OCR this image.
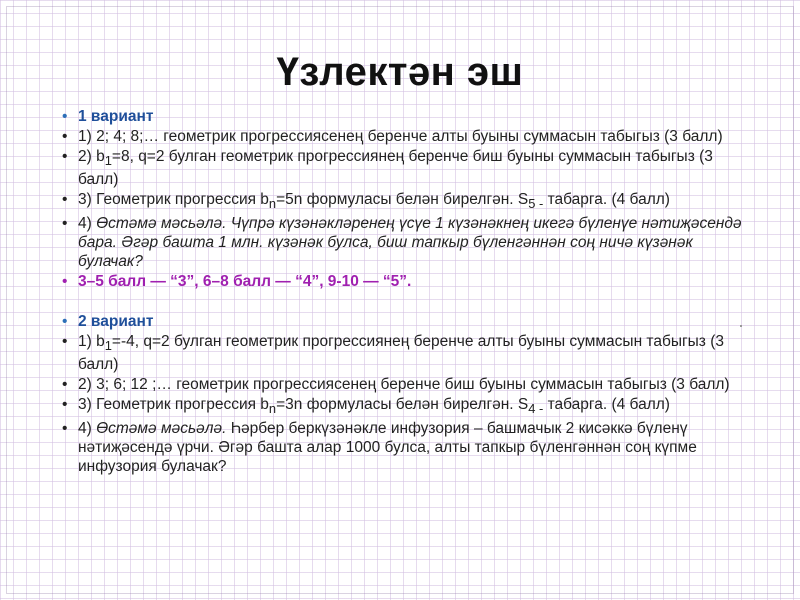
Үзлектән эш
• 1 вариант
• 1) 2; 4; 8;… геометрик прогрессиясенең беренче алты буыны суммасын табыгыз (3 балл)
• 2) $b_1=8$, q=2 булган геометрик прогрессиянең беренче биш буыны суммасын табыгыз (3 балл)
• 3) Геометрик прогрессия $b_n=5n$ формуласы белән бирелгән. $S_{5 -}$ табарга. (4 балл)
• 4) Өстәмә мәсьәлә. Чүпрә күзәнәкләренең үсүе 1 күзәнәкнең икегә бүленүе нәтиҗәсендә бара. Әгәр башта 1 млн. күзәнәк булса, биш тапкыр бүленгәннән соң ничә күзәнәк булачак?
• 3–5 балл — “3”, 6–8 балл — “4”, 9-10 — “5”.
• 2 вариант
• 1) $b_1=-4$, q=2 булган геометрик прогрессиянең беренче алты буыны суммасын табыгыз (3 балл)
• 2) 3; 6; 12 ;… геометрик прогрессиясенең беренче биш буыны суммасын табыгыз (3 балл)
• 3) Геометрик прогрессия $b_n=3n$ формуласы белән бирелгән. $S_{4 -}$ табарга. (4 балл)
• 4) Өстәмә мәсьәлә. Һәрбер беркүзәнәкле инфузория – башмачык 2 кисәккә бүленү нәтиҗәсендә үрчи. Әгәр башта алар 1000 булса, алты тапкыр бүленгәннән соң күпме инфузория булачак?
